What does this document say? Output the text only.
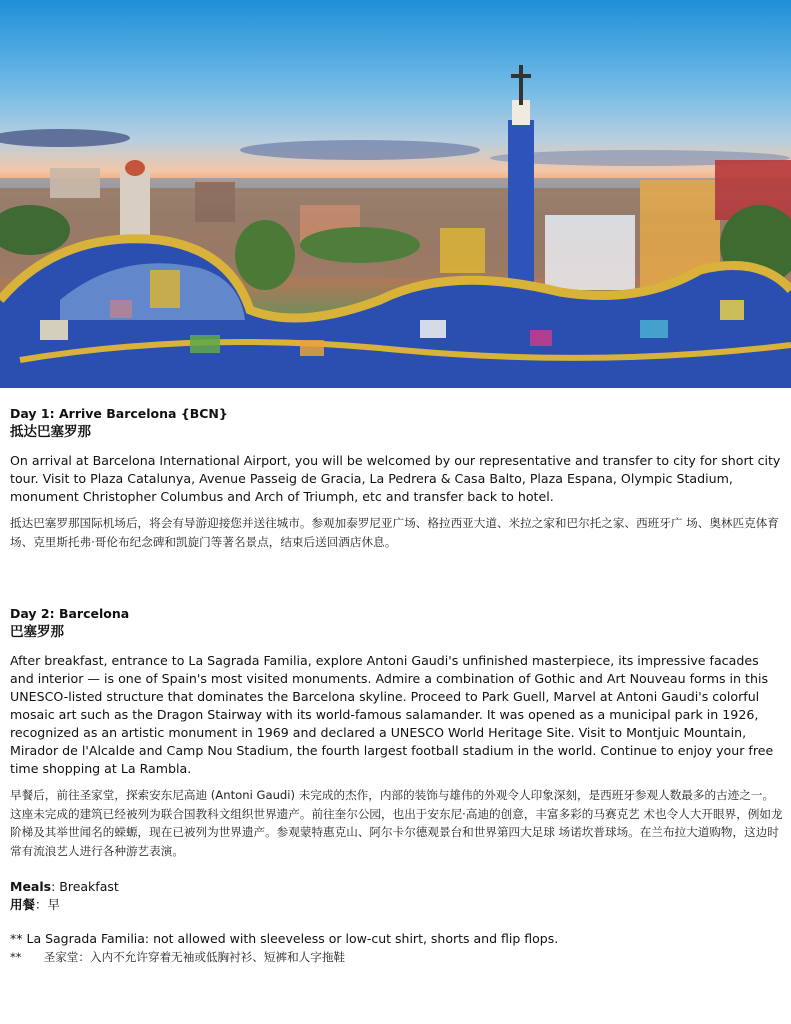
Day 1: Arrive Barcelona {BCN}
抵达巴塞罗那
On arrival at Barcelona International Airport, you will be welcomed by our representative and transfer to city for short city tour. Visit to Plaza Catalunya, Avenue Passeig de Gracia, La Pedrera & Casa Balto, Plaza Espana, Olympic Stadium, monument Christopher Columbus and Arch of Triumph, etc and transfer back to hotel.
抵达巴塞罗那国际机场后，将会有导游迎接您并送往城市。参观加泰罗尼亚广场、格拉西亚大道、米拉之家和巴尔托之家、西班牙广 场、奥林匹克体育场、克里斯托弗·哥伦布纪念碑和凯旋门等著名景点，结束后送回酒店休息。
Day 2: Barcelona
巴塞罗那
After breakfast, entrance to La Sagrada Familia, explore Antoni Gaudi's unfinished masterpiece, its impressive facades and interior — is one of Spain's most visited monuments. Admire a combination of Gothic and Art Nouveau forms in this UNESCO-listed structure that dominates the Barcelona skyline. Proceed to Park Guell, Marvel at Antoni Gaudi's colorful mosaic art such as the Dragon Stairway with its world-famous salamander. It was opened as a municipal park in 1926, recognized as an artistic monument in 1969 and declared a UNESCO World Heritage Site. Visit to Montjuic Mountain, Mirador de l'Alcalde and Camp Nou Stadium, the fourth largest football stadium in the world. Continue to enjoy your free time shopping at La Rambla.
早餐后，前往圣家堂，探索安东尼高迪 (Antoni Gaudi) 未完成的杰作，内部的装饰与雄伟的外观令人印象深刻，是西班牙参观人数最多的古迹之一。这座未完成的建筑已经被列为联合国教科文组织世界遗产。前往奎尔公园，也出于安东尼·高迪的创意，丰富多彩的马赛克艺 术也令人大开眼界，例如龙阶梯及其举世闻名的蝾螈，现在已被列为世界遗产。参观蒙特惠克山、阿尔卡尔德观景台和世界第四大足球 场诺坎普球场。在兰布拉大道购物，这边时常有流浪艺人进行各种游艺表演。
Meals: Breakfast
用餐：早
** La Sagrada Familia: not allowed with sleeveless or low-cut shirt, shorts and flip flops.
** 圣家堂：入内不允许穿着无袖或低胸衬衫、短裤和人字拖鞋
